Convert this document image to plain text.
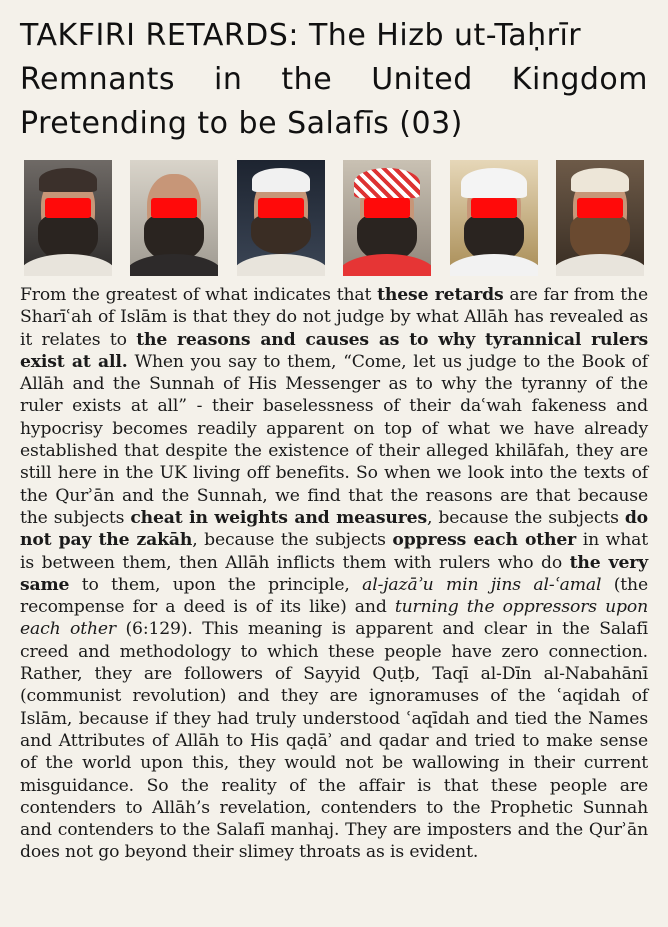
TAKFIRI RETARDS: The Hizb ut-Taḥrīr
Remnants in the United Kingdom
Pretending to be Salafīs (03)

From the greatest of what indicates that these retards are far from the Sharīʿah of Islām is that they do not judge by what Allāh has revealed as it relates to the reasons and causes as to why tyrannical rulers exist at all. When you say to them, “Come, let us judge to the Book of Allāh and the Sunnah of His Messenger as to why the tyranny of the ruler exists at all” - their baselessness of their daʿwah fakeness and hypocrisy becomes readily apparent on top of what we have already established that despite the existence of their alleged khilāfah, they are still here in the UK living off benefits. So when we look into the texts of the Qurʾān and the Sunnah, we find that the reasons are that because the subjects cheat in weights and measures, because the subjects do not pay the zakāh, because the subjects oppress each other in what is between them, then Allāh inflicts them with rulers who do the very same to them, upon the principle, al-jazāʾu min jins al-ʿamal (the recompense for a deed is of its like) and turning the oppressors upon each other (6:129). This meaning is apparent and clear in the Salafī creed and methodology to which these people have zero connection. Rather, they are followers of Sayyid Quṭb, Taqī al-Dīn al-Nabahānī (communist revolution) and they are ignoramuses of the ʿaqidah of Islām, because if they had truly understood ʿaqīdah and tied the Names and Attributes of Allāh to His qaḍāʾ and qadar and tried to make sense of the world upon this, they would not be wallowing in their current misguidance. So the reality of the affair is that these people are contenders to Allāh’s revelation, contenders to the Prophetic Sunnah and contenders to the Salafī manhaj. They are imposters and the Qurʾān does not go beyond their slimey throats as is evident.
